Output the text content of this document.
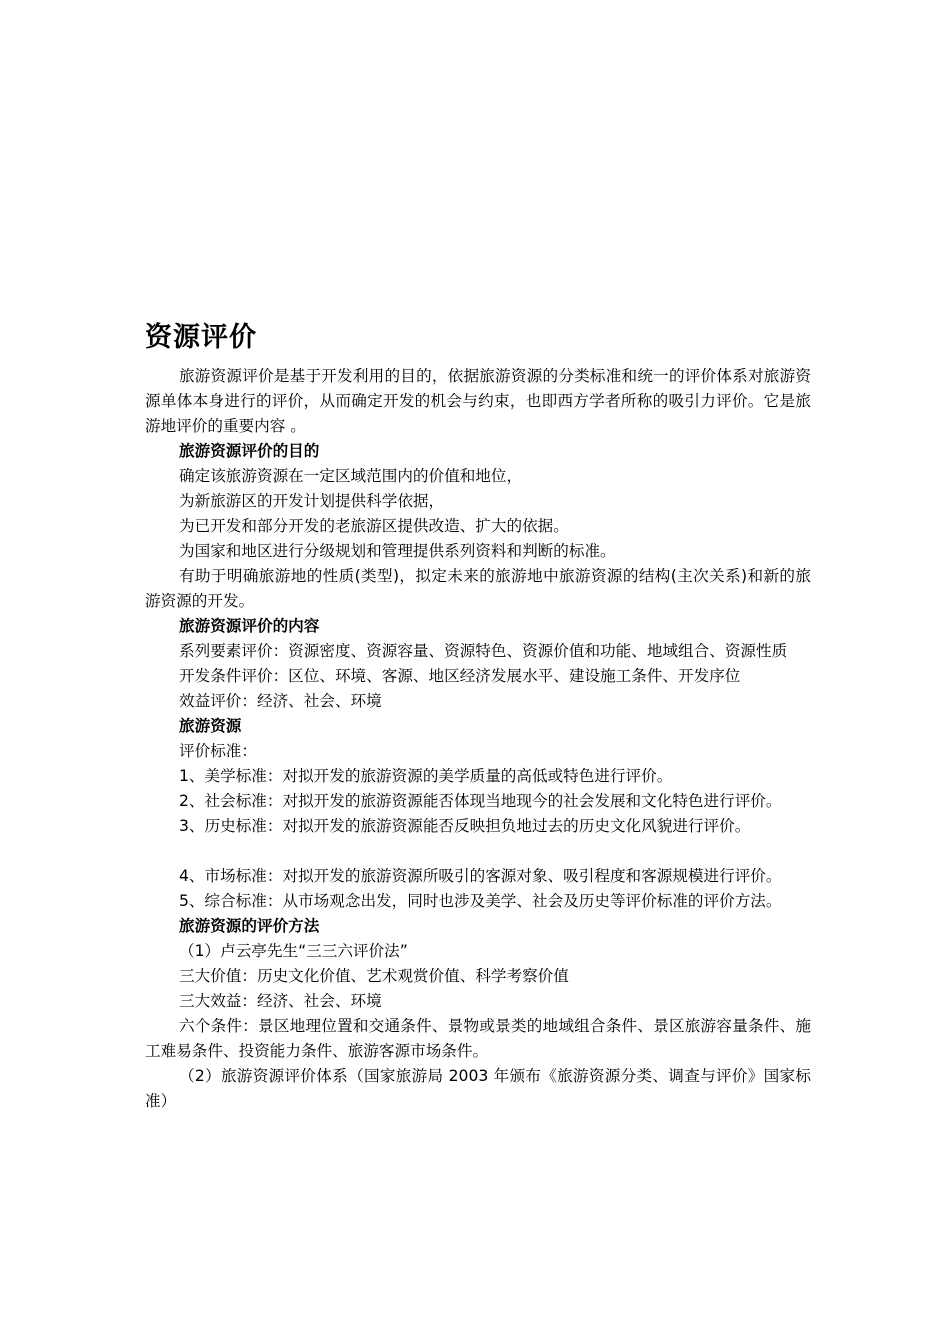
资源评价

旅游资源评价是基于开发利用的目的，依据旅游资源的分类标准和统一的评价体系对旅游资源单体本身进行的评价，从而确定开发的机会与约束，也即西方学者所称的吸引力评价。它是旅游地评价的重要内容 。

旅游资源评价的目的

确定该旅游资源在一定区域范围内的价值和地位，

为新旅游区的开发计划提供科学依据，

为已开发和部分开发的老旅游区提供改造、扩大的依据。

为国家和地区进行分级规划和管理提供系列资料和判断的标准。

有助于明确旅游地的性质(类型)，拟定未来的旅游地中旅游资源的结构(主次关系)和新的旅游资源的开发。

旅游资源评价的内容

系列要素评价：资源密度、资源容量、资源特色、资源价值和功能、地域组合、资源性质

开发条件评价：区位、环境、客源、地区经济发展水平、建设施工条件、开发序位

效益评价：经济、社会、环境

旅游资源

评价标准：

1、美学标准：对拟开发的旅游资源的美学质量的高低或特色进行评价。

2、社会标准：对拟开发的旅游资源能否体现当地现今的社会发展和文化特色进行评价。

3、历史标准：对拟开发的旅游资源能否反映担负地过去的历史文化风貌进行评价。

4、市场标准：对拟开发的旅游资源所吸引的客源对象、吸引程度和客源规模进行评价。

5、综合标准：从市场观念出发，同时也涉及美学、社会及历史等评价标准的评价方法。

旅游资源的评价方法

（1）卢云亭先生“三三六评价法”

三大价值：历史文化价值、艺术观赏价值、科学考察价值

三大效益：经济、社会、环境

六个条件：景区地理位置和交通条件、景物或景类的地域组合条件、景区旅游容量条件、施工难易条件、投资能力条件、旅游客源市场条件。

（2）旅游资源评价体系（国家旅游局 2003 年颁布《旅游资源分类、调查与评价》国家标准）
